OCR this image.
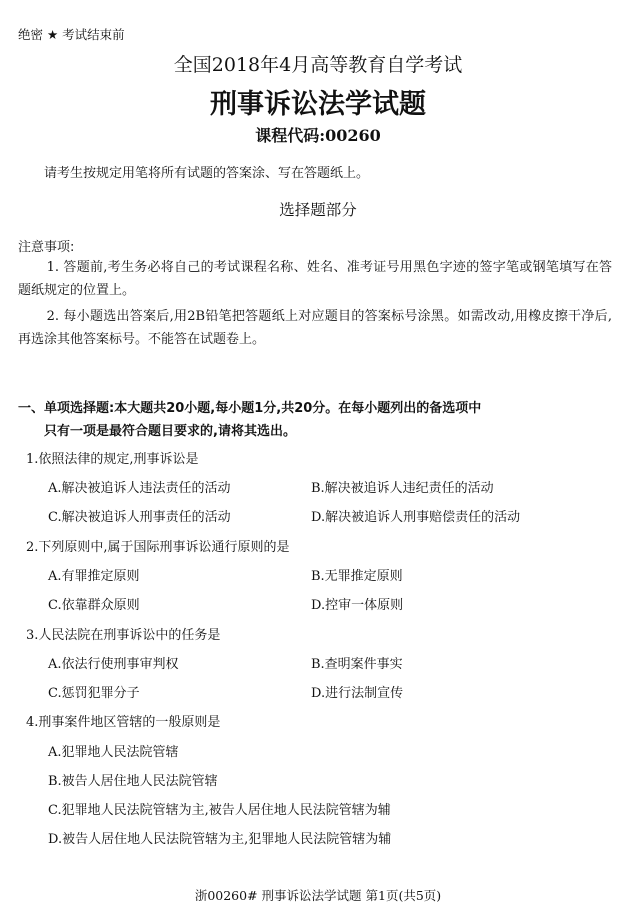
绝密 ★ 考试结束前
全国2018年4月高等教育自学考试
刑事诉讼法学试题
课程代码:00260
请考生按规定用笔将所有试题的答案涂、写在答题纸上。
选择题部分
注意事项:
1. 答题前,考生务必将自己的考试课程名称、姓名、准考证号用黑色字迹的签字笔或钢笔填写在答题纸规定的位置上。
2. 每小题选出答案后,用2B铅笔把答题纸上对应题目的答案标号涂黑。如需改动,用橡皮擦干净后,再选涂其他答案标号。不能答在试题卷上。
一、单项选择题:本大题共20小题,每小题1分,共20分。在每小题列出的备选项中
只有一项是最符合题目要求的,请将其选出。
1.依照法律的规定,刑事诉讼是
A.解决被追诉人违法责任的活动	B.解决被追诉人违纪责任的活动
C.解决被追诉人刑事责任的活动	D.解决被追诉人刑事赔偿责任的活动
2.下列原则中,属于国际刑事诉讼通行原则的是
A.有罪推定原则	B.无罪推定原则
C.依靠群众原则	D.控审一体原则
3.人民法院在刑事诉讼中的任务是
A.依法行使刑事审判权	B.查明案件事实
C.惩罚犯罪分子	D.进行法制宣传
4.刑事案件地区管辖的一般原则是
A.犯罪地人民法院管辖
B.被告人居住地人民法院管辖
C.犯罪地人民法院管辖为主,被告人居住地人民法院管辖为辅
D.被告人居住地人民法院管辖为主,犯罪地人民法院管辖为辅
浙00260# 刑事诉讼法学试题 第1页(共5页)
